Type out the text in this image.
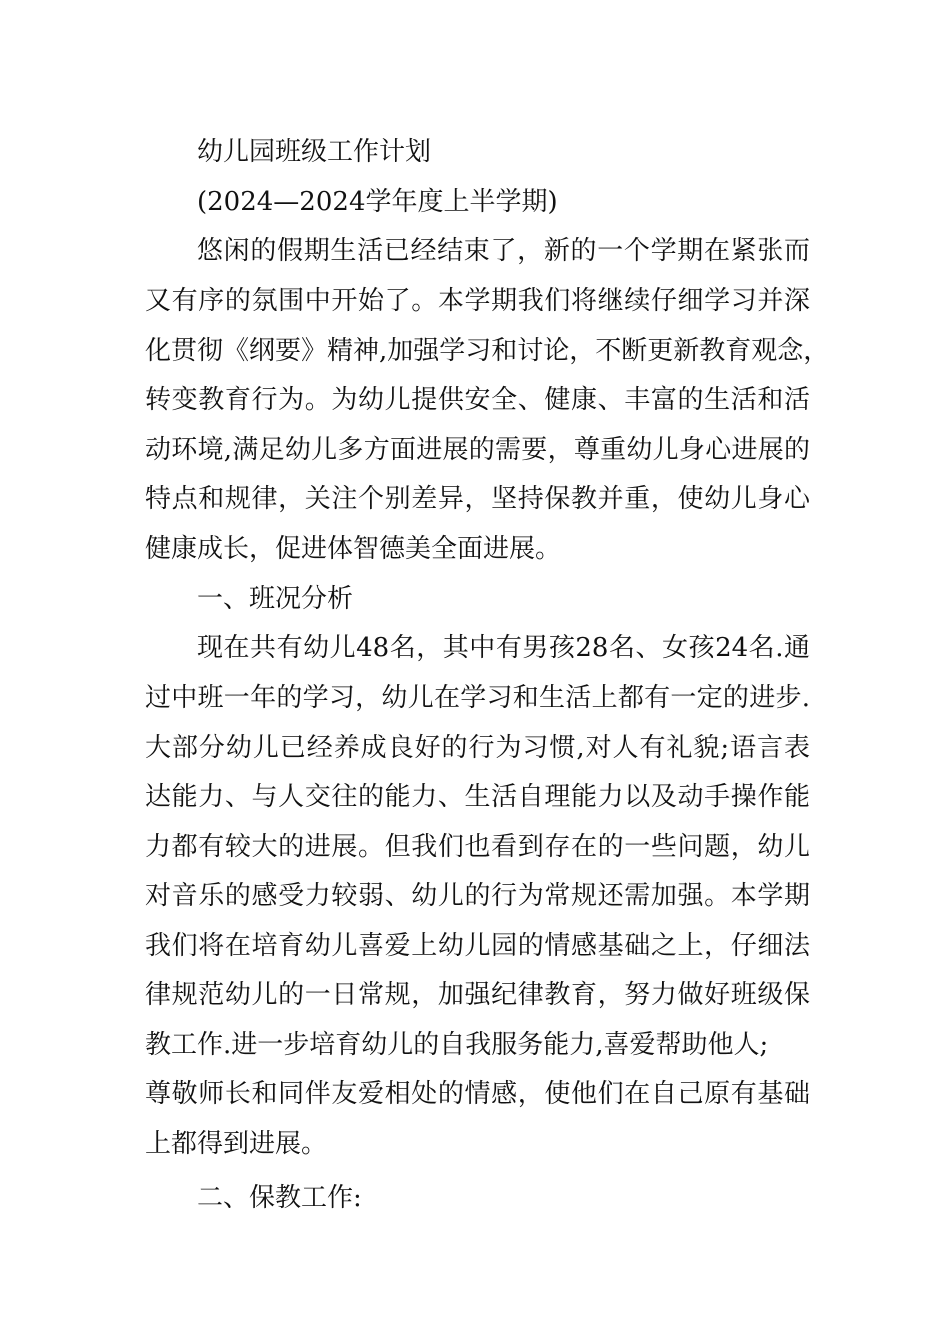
幼儿园班级工作计划
(2024—2024学年度上半学期)
悠闲的假期生活已经结束了，新的一个学期在紧张而
又有序的氛围中开始了。本学期我们将继续仔细学习并深
化贯彻《纲要》精神,加强学习和讨论，不断更新教育观念，
转变教育行为。为幼儿提供安全、健康、丰富的生活和活
动环境,满足幼儿多方面进展的需要，尊重幼儿身心进展的
特点和规律，关注个别差异，坚持保教并重，使幼儿身心
健康成长，促进体智德美全面进展。
一、班况分析
现在共有幼儿48名，其中有男孩28名、女孩24名.通
过中班一年的学习，幼儿在学习和生活上都有一定的进步.
大部分幼儿已经养成良好的行为习惯,对人有礼貌;语言表
达能力、与人交往的能力、生活自理能力以及动手操作能
力都有较大的进展。但我们也看到存在的一些问题，幼儿
对音乐的感受力较弱、幼儿的行为常规还需加强。本学期
我们将在培育幼儿喜爱上幼儿园的情感基础之上，仔细法
律规范幼儿的一日常规，加强纪律教育，努力做好班级保
教工作.进一步培育幼儿的自我服务能力,喜爱帮助他人;
尊敬师长和同伴友爱相处的情感，使他们在自己原有基础
上都得到进展。
二、保教工作:
